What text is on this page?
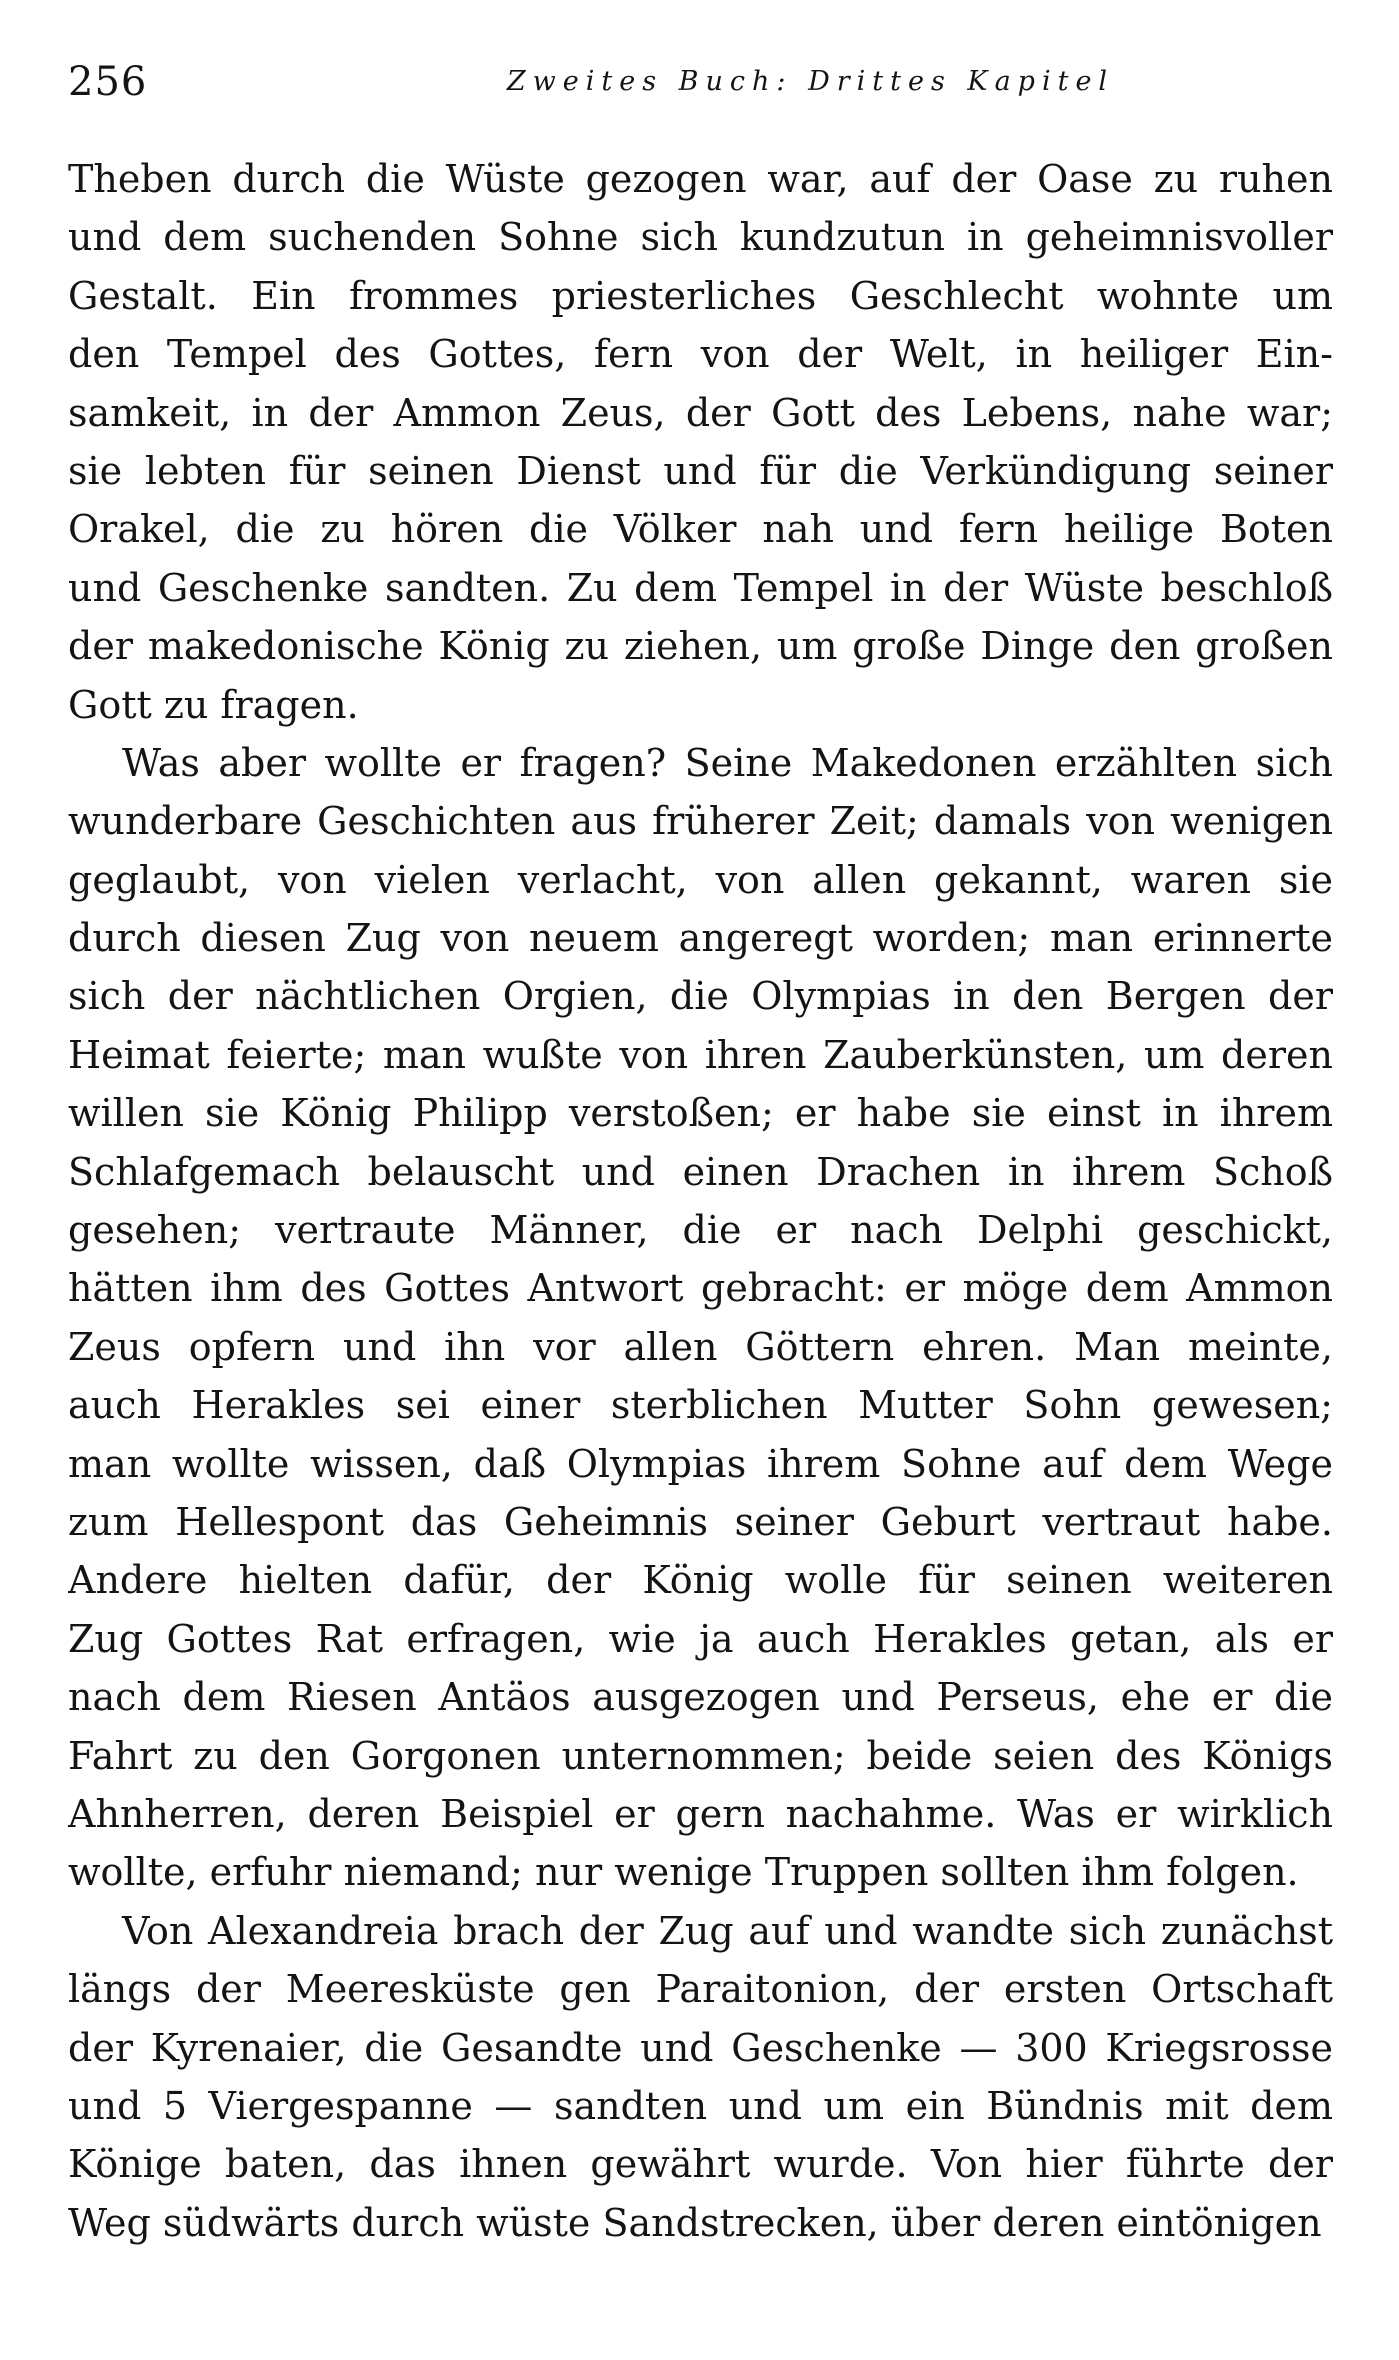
256	Zweites Buch: Drittes Kapitel
Theben durch die Wüste gezogen war, auf der Oase zu ruhen
und dem suchenden Sohne sich kundzutun in geheimnisvoller
Gestalt. Ein frommes priesterliches Geschlecht wohnte um
den Tempel des Gottes, fern von der Welt, in heiliger Ein-
samkeit, in der Ammon Zeus, der Gott des Lebens, nahe war;
sie lebten für seinen Dienst und für die Verkündigung seiner
Orakel, die zu hören die Völker nah und fern heilige Boten
und Geschenke sandten. Zu dem Tempel in der Wüste beschloß
der makedonische König zu ziehen, um große Dinge den großen
Gott zu fragen.
Was aber wollte er fragen? Seine Makedonen erzählten sich
wunderbare Geschichten aus früherer Zeit; damals von wenigen
geglaubt, von vielen verlacht, von allen gekannt, waren sie
durch diesen Zug von neuem angeregt worden; man erinnerte
sich der nächtlichen Orgien, die Olympias in den Bergen der
Heimat feierte; man wußte von ihren Zauberkünsten, um deren
willen sie König Philipp verstoßen; er habe sie einst in ihrem
Schlafgemach belauscht und einen Drachen in ihrem Schoß
gesehen; vertraute Männer, die er nach Delphi geschickt,
hätten ihm des Gottes Antwort gebracht: er möge dem Ammon
Zeus opfern und ihn vor allen Göttern ehren. Man meinte,
auch Herakles sei einer sterblichen Mutter Sohn gewesen;
man wollte wissen, daß Olympias ihrem Sohne auf dem Wege
zum Hellespont das Geheimnis seiner Geburt vertraut habe.
Andere hielten dafür, der König wolle für seinen weiteren
Zug Gottes Rat erfragen, wie ja auch Herakles getan, als er
nach dem Riesen Antäos ausgezogen und Perseus, ehe er die
Fahrt zu den Gorgonen unternommen; beide seien des Königs
Ahnherren, deren Beispiel er gern nachahme. Was er wirklich
wollte, erfuhr niemand; nur wenige Truppen sollten ihm folgen.
Von Alexandreia brach der Zug auf und wandte sich zunächst
längs der Meeresküste gen Paraitonion, der ersten Ortschaft
der Kyrenaier, die Gesandte und Geschenke — 300 Kriegsrosse
und 5 Viergespanne — sandten und um ein Bündnis mit dem
Könige baten, das ihnen gewährt wurde. Von hier führte der
Weg südwärts durch wüste Sandstrecken, über deren eintönigen
